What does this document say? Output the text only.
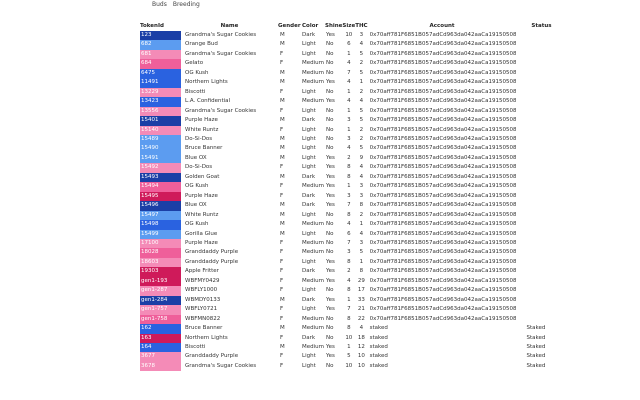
Buds Breeding
TokenId	Name	Gender	Color	Shine	Size	THC	Account	Status
123	Grandma's Sugar Cookies	M	Dark	Yes	10	3	0x70aff781F6851B057adCd963da042aaCa19150508	
682	Orange Bud	M	Light	No	6	4	0x70aff781F6851B057adCd963da042aaCa19150508	
681	Grandma's Sugar Cookies	F	Light	No	1	5	0x70aff781F6851B057adCd963da042aaCa19150508	
684	Gelato	F	Medium	No	4	2	0x70aff781F6851B057adCd963da042aaCa19150508	
6475	OG Kush	M	Medium	No	7	5	0x70aff781F6851B057adCd963da042aaCa19150508	
11491	Northern Lights	M	Medium	Yes	4	1	0x70aff781F6851B057adCd963da042aaCa19150508	
13229	Biscotti	F	Light	No	1	2	0x70aff781F6851B057adCd963da042aaCa19150508	
13423	L.A. Confidential	M	Medium	Yes	4	4	0x70aff781F6851B057adCd963da042aaCa19150508	
13556	Grandma's Sugar Cookies	F	Light	No	1	5	0x70aff781F6851B057adCd963da042aaCa19150508	
15401	Purple Haze	M	Dark	No	3	5	0x70aff781F6851B057adCd963da042aaCa19150508	
15140	White Runtz	F	Light	No	1	2	0x70aff781F6851B057adCd963da042aaCa19150508	
15489	Do-Si-Dos	M	Light	No	3	2	0x70aff781F6851B057adCd963da042aaCa19150508	
15490	Bruce Banner	M	Light	No	4	5	0x70aff781F6851B057adCd963da042aaCa19150508	
15491	Blue OX	M	Light	Yes	2	9	0x70aff781F6851B057adCd963da042aaCa19150508	
15492	Do-Si-Dos	F	Light	Yes	8	4	0x70aff781F6851B057adCd963da042aaCa19150508	
15493	Golden Goat	M	Dark	Yes	8	4	0x70aff781F6851B057adCd963da042aaCa19150508	
15494	OG Kush	F	Medium	Yes	1	3	0x70aff781F6851B057adCd963da042aaCa19150508	
15495	Purple Haze	F	Dark	Yes	3	3	0x70aff781F6851B057adCd963da042aaCa19150508	
15496	Blue OX	M	Dark	Yes	7	8	0x70aff781F6851B057adCd963da042aaCa19150508	
15497	White Runtz	M	Light	No	8	2	0x70aff781F6851B057adCd963da042aaCa19150508	
15498	OG Kush	M	Medium	No	4	1	0x70aff781F6851B057adCd963da042aaCa19150508	
15499	Gorilla Glue	M	Light	No	6	4	0x70aff781F6851B057adCd963da042aaCa19150508	
17100	Purple Haze	F	Medium	No	7	3	0x70aff781F6851B057adCd963da042aaCa19150508	
18028	Granddaddy Purple	F	Medium	No	3	5	0x70aff781F6851B057adCd963da042aaCa19150508	
18603	Granddaddy Purple	F	Light	Yes	8	1	0x70aff781F6851B057adCd963da042aaCa19150508	
19303	Apple Fritter	F	Dark	Yes	2	8	0x70aff781F6851B057adCd963da042aaCa19150508	
gen1-193	WBFMY0429	F	Medium	Yes	4	29	0x70aff781F6851B057adCd963da042aaCa19150508	
gen1-287	WBFLY1000	F	Light	No	8	17	0x70aff781F6851B057adCd963da042aaCa19150508	
gen1-284	WBMDY0133	M	Dark	Yes	1	33	0x70aff781F6851B057adCd963da042aaCa19150508	
gen1-757	WBFLY0721	F	Light	Yes	7	21	0x70aff781F6851B057adCd963da042aaCa19150508	
gen1-758	WBFMN0822	F	Medium	No	8	22	0x70aff781F6851B057adCd963da042aaCa19150508	
162	Bruce Banner	M	Medium	No	8	4	staked	Staked
163	Northern Lights	F	Dark	No	10	18	staked	Staked
164	Biscotti	M	Medium	Yes	1	12	staked	Staked
3677	Granddaddy Purple	F	Light	Yes	5	10	staked	Staked
3678	Grandma's Sugar Cookies	F	Light	No	10	10	staked	Staked
